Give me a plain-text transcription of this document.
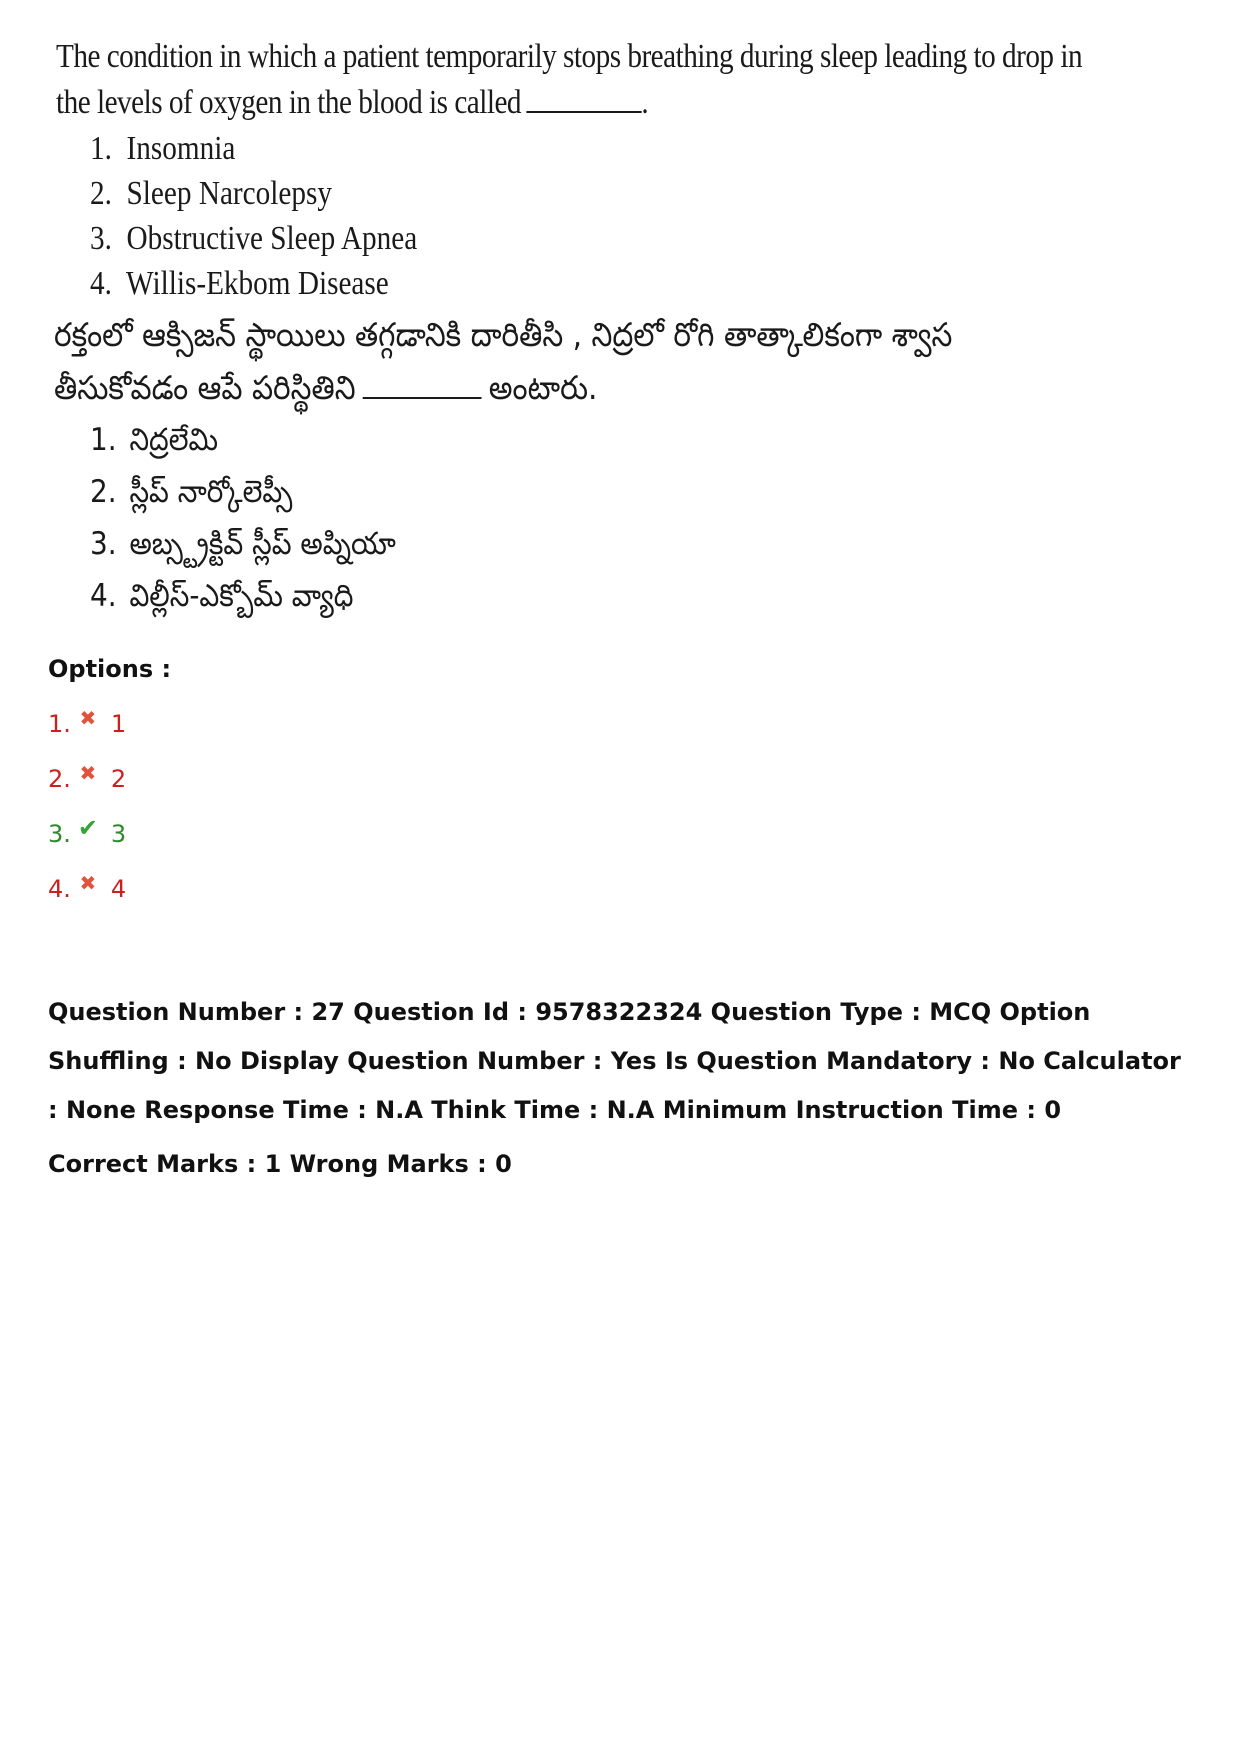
The condition in which a patient temporarily stops breathing during sleep leading to drop in
the levels of oxygen in the blood is called	.
1. Insomnia
2. Sleep Narcolepsy
3. Obstructive Sleep Apnea
4. Willis-Ekbom Disease
రక్తంలో ఆక్సిజన్ స్థాయిలు తగ్గడానికి దారితీసి , నిద్రలో రోగి తాత్కాలికంగా శ్వాస
తీసుకోవడం ఆపే పరిస్థితిని	అంటారు.
1. నిద్రలేమి
2. స్లీప్ నార్కోలెప్సీ
3. అబ్స్ట్రక్టివ్ స్లీప్ అప్నియా
4. విల్లీస్-ఎక్బోమ్ వ్యాధి
Options :
1. ✖ 1
2. ✖ 2
3. ✔ 3
4. ✖ 4
Question Number : 27 Question Id : 9578322324 Question Type : MCQ Option Shuffling : No Display Question Number : Yes Is Question Mandatory : No Calculator : None Response Time : N.A Think Time : N.A Minimum Instruction Time : 0
Correct Marks : 1 Wrong Marks : 0
